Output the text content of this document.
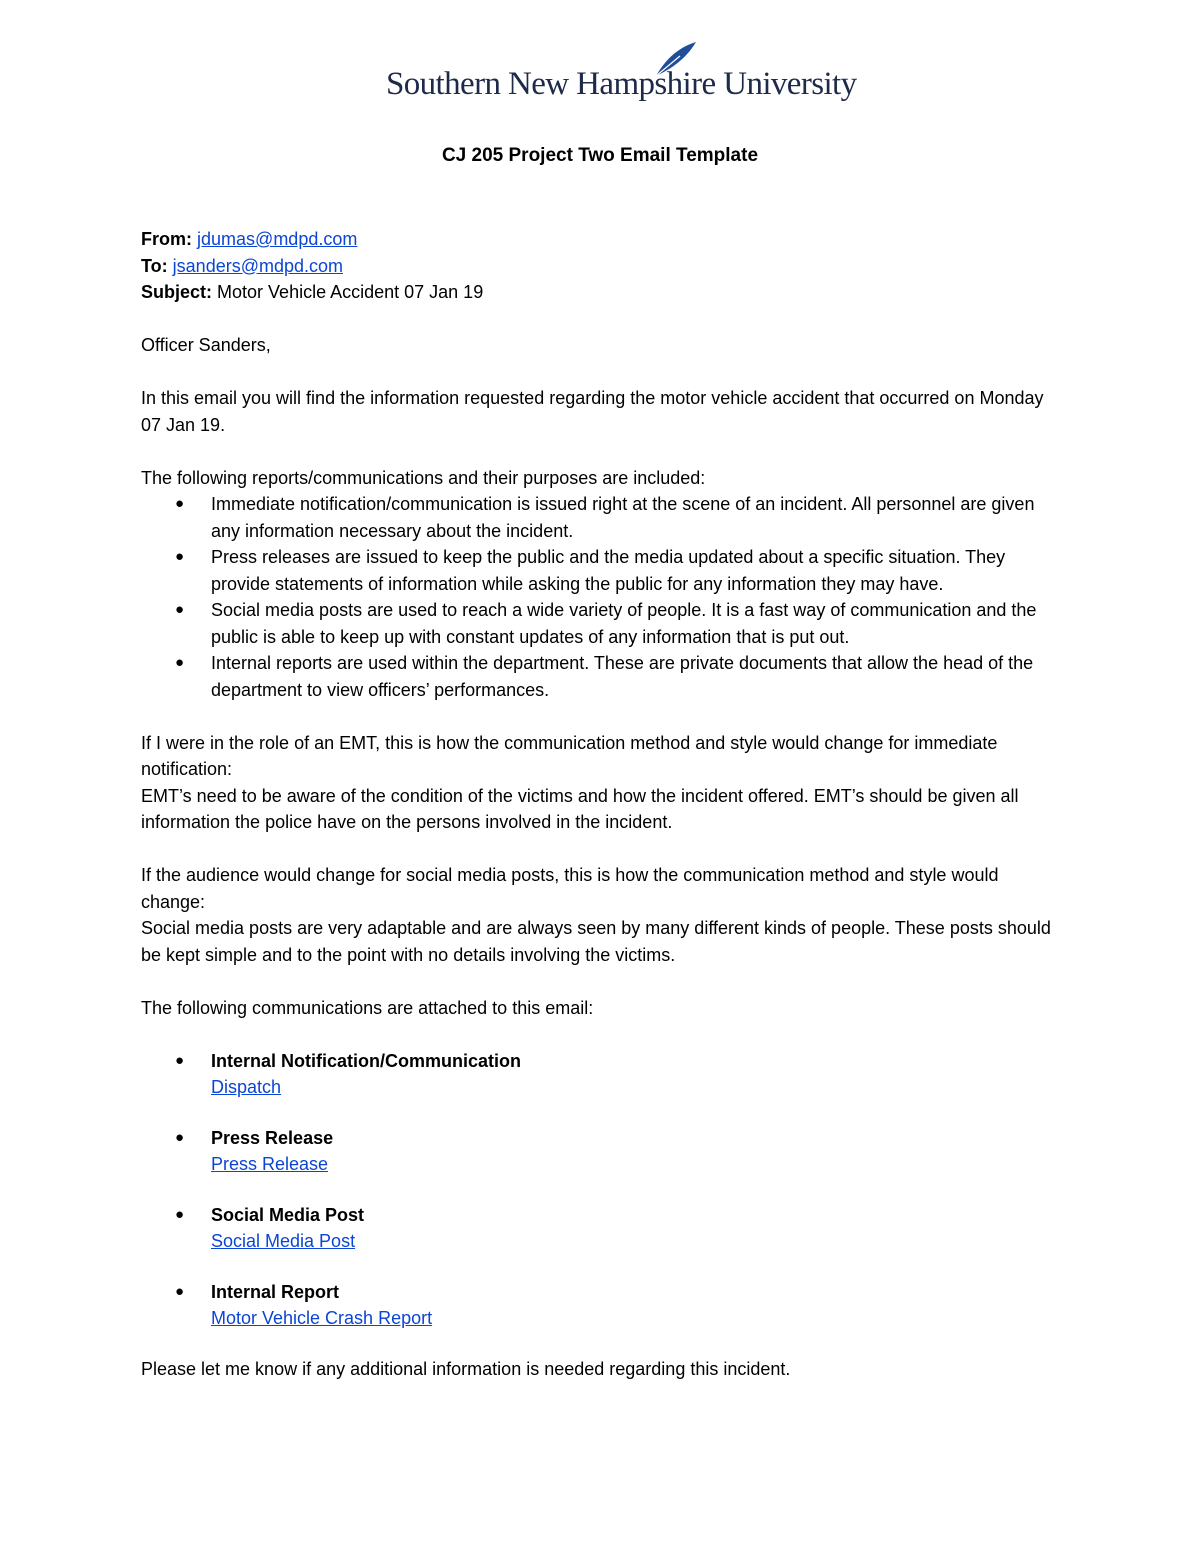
Southern New Hampshire University
CJ 205 Project Two Email Template

From: jdumas@mdpd.com

To: jsanders@mdpd.com

Subject: Motor Vehicle Accident 07 Jan 19

Officer Sanders,

In this email you will find the information requested regarding the motor vehicle accident that occurred on Monday 07 Jan 19.

The following reports/communications and their purposes are included:

● Immediate notification/communication is issued right at the scene of an incident. All personnel are given any information necessary about the incident.
● Press releases are issued to keep the public and the media updated about a specific situation. They provide statements of information while asking the public for any information they may have.
● Social media posts are used to reach a wide variety of people. It is a fast way of communication and the public is able to keep up with constant updates of any information that is put out.
● Internal reports are used within the department. These are private documents that allow the head of the department to view officers’ performances.

If I were in the role of an EMT, this is how the communication method and style would change for immediate notification:

EMT’s need to be aware of the condition of the victims and how the incident offered. EMT’s should be given all information the police have on the persons involved in the incident.

If the audience would change for social media posts, this is how the communication method and style would change:

Social media posts are very adaptable and are always seen by many different kinds of people. These posts should be kept simple and to the point with no details involving the victims.

The following communications are attached to this email:

● Internal Notification/Communication
Dispatch
● Press Release
Press Release
● Social Media Post
Social Media Post
● Internal Report
Motor Vehicle Crash Report

Please let me know if any additional information is needed regarding this incident.
